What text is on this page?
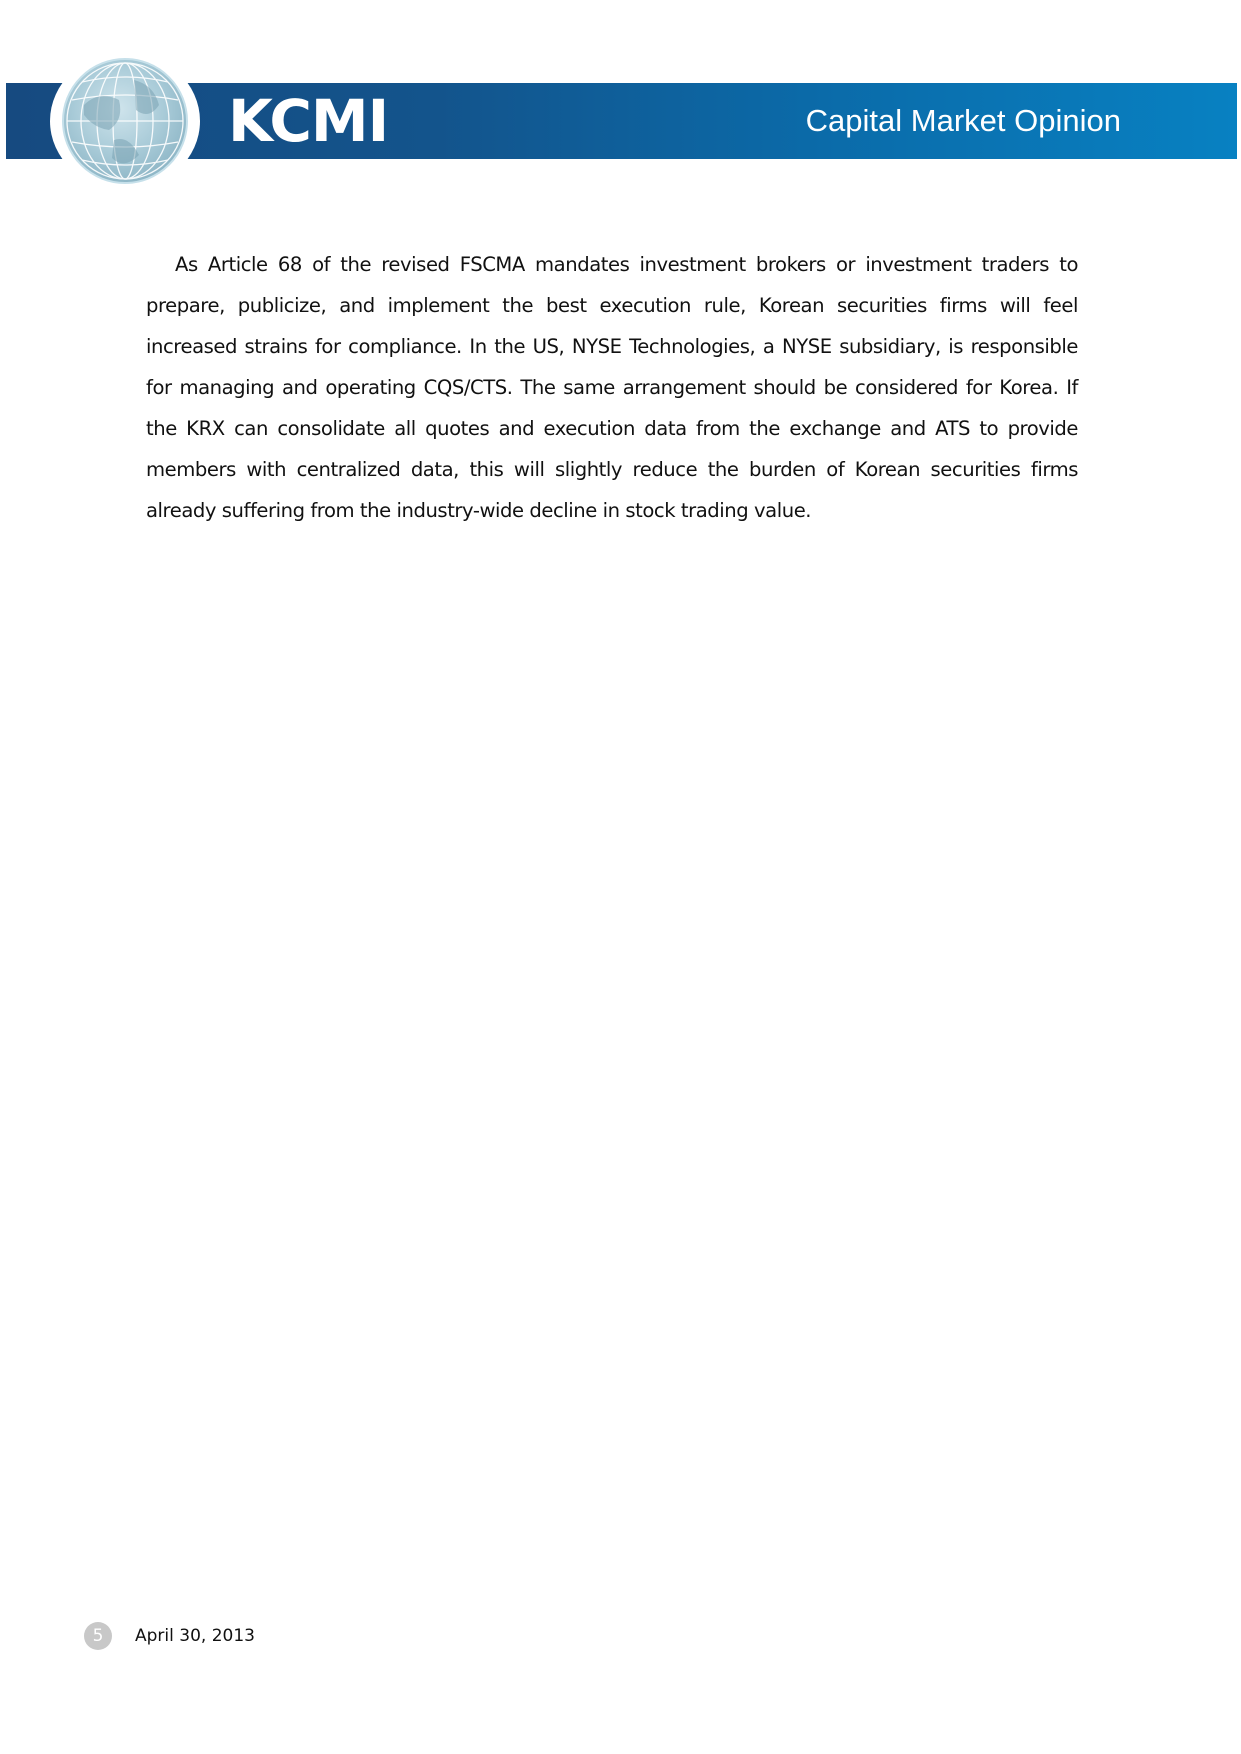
KCMI	Capital Market Opinion

As Article 68 of the revised FSCMA mandates investment brokers or investment traders to prepare, publicize, and implement the best execution rule, Korean securities firms will feel increased strains for compliance. In the US, NYSE Technologies, a NYSE subsidiary, is responsible for managing and operating CQS/CTS. The same arrangement should be considered for Korea. If the KRX can consolidate all quotes and execution data from the exchange and ATS to provide members with centralized data, this will slightly reduce the burden of Korean securities firms already suffering from the industry-wide decline in stock trading value.

5	April 30, 2013
